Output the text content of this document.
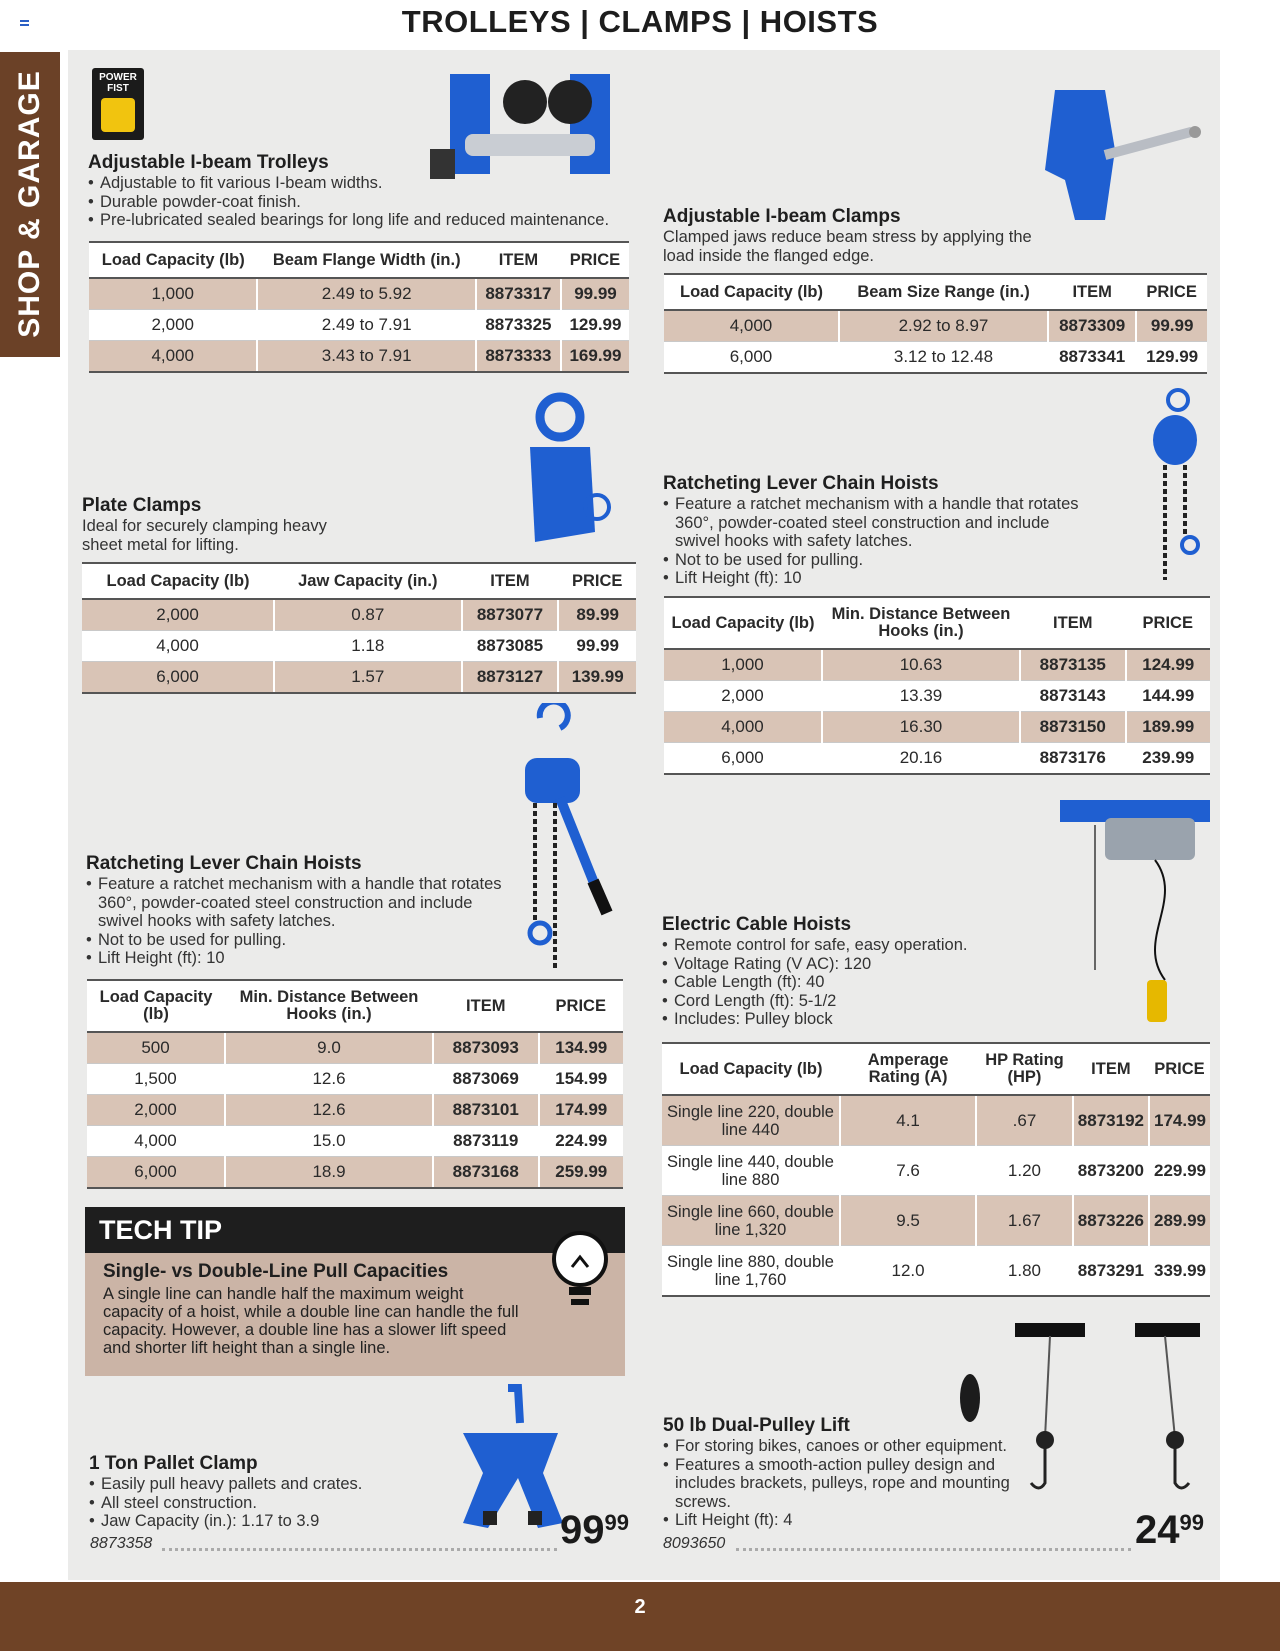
TROLLEYS | CLAMPS | HOISTS
SHOP & GARAGE	POWER FIST
Adjustable I-beam Trolleys
• Adjustable to fit various I-beam widths.
• Durable powder-coat finish.
• Pre-lubricated sealed bearings for long life and reduced maintenance.
Load Capacity (lb)	Beam Flange Width (in.)	ITEM	PRICE
1,000	2.49 to 5.92	8873317	99.99
2,000	2.49 to 7.91	8873325	129.99
4,000	3.43 to 7.91	8873333	169.99
Adjustable I-beam Clamps

Clamped jaws reduce beam stress by applying the load inside the flanged edge.

Load Capacity (lb)	Beam Size Range (in.)	ITEM	PRICE
4,000	2.92 to 8.97	8873309	99.99
6,000	3.12 to 12.48	8873341	129.99
Plate Clamps

Ideal for securely clamping heavy sheet metal for lifting.

Load Capacity (lb)	Jaw Capacity (in.)	ITEM	PRICE
2,000	0.87	8873077	89.99
4,000	1.18	8873085	99.99
6,000	1.57	8873127	139.99
Ratcheting Lever Chain Hoists
• Feature a ratchet mechanism with a handle that rotates 360°, powder-coated steel construction and include swivel hooks with safety latches.
• Not to be used for pulling.
• Lift Height (ft): 10
Load Capacity (lb)	Min. Distance Between Hooks (in.)	ITEM	PRICE
1,000	10.63	8873135	124.99
2,000	13.39	8873143	144.99
4,000	16.30	8873150	189.99
6,000	20.16	8873176	239.99
Ratcheting Lever Chain Hoists
• Feature a ratchet mechanism with a handle that rotates 360°, powder-coated steel construction and include swivel hooks with safety latches.
• Not to be used for pulling.
• Lift Height (ft): 10
Load Capacity (lb)	Min. Distance Between Hooks (in.)	ITEM	PRICE
500	9.0	8873093	134.99
1,500	12.6	8873069	154.99
2,000	12.6	8873101	174.99
4,000	15.0	8873119	224.99
6,000	18.9	8873168	259.99
Electric Cable Hoists
• Remote control for safe, easy operation.
• Voltage Rating (V AC): 120
• Cable Length (ft): 40
• Cord Length (ft): 5-1/2
• Includes: Pulley block
Load Capacity (lb)	Amperage Rating (A)	HP Rating (HP)	ITEM	PRICE
Single line 220, double line 440	4.1	.67	8873192	174.99
Single line 440, double line 880	7.6	1.20	8873200	229.99
Single line 660, double line 1,320	9.5	1.67	8873226	289.99
Single line 880, double line 1,760	12.0	1.80	8873291	339.99
TECH TIP
Single- vs Double-Line Pull Capacities

A single line can handle half the maximum weight capacity of a hoist, while a double line can handle the full capacity. However, a double line has a slower lift speed and shorter lift height than a single line.

1 Ton Pallet Clamp
• Easily pull heavy pallets and crates.
• All steel construction.
• Jaw Capacity (in.): 1.17 to 3.9
8873358	$99^{99}$
50 lb Dual-Pulley Lift
• For storing bikes, canoes or other equipment.
• Features a smooth-action pulley design and includes brackets, pulleys, rope and mounting screws.
• Lift Height (ft): 4
8093650	$24^{99}$
2
